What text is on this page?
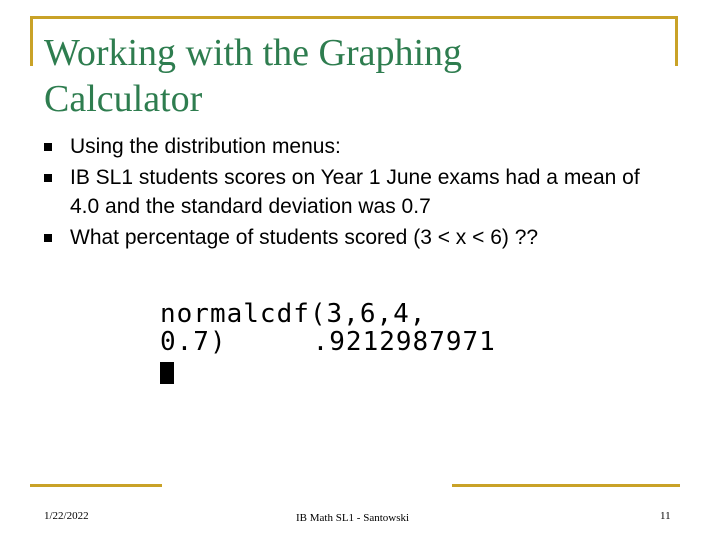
Working with the Graphing
Calculator
Using the distribution menus:
IB SL1 students scores on Year 1 June exams had a mean of 4.0 and the standard deviation was 0.7
What percentage of students scored (3 < x < 6) ??
normalcdf(3,6,4,
0.7)	.9212987971
1/22/2022	IB Math SL1 - Santowski	11
